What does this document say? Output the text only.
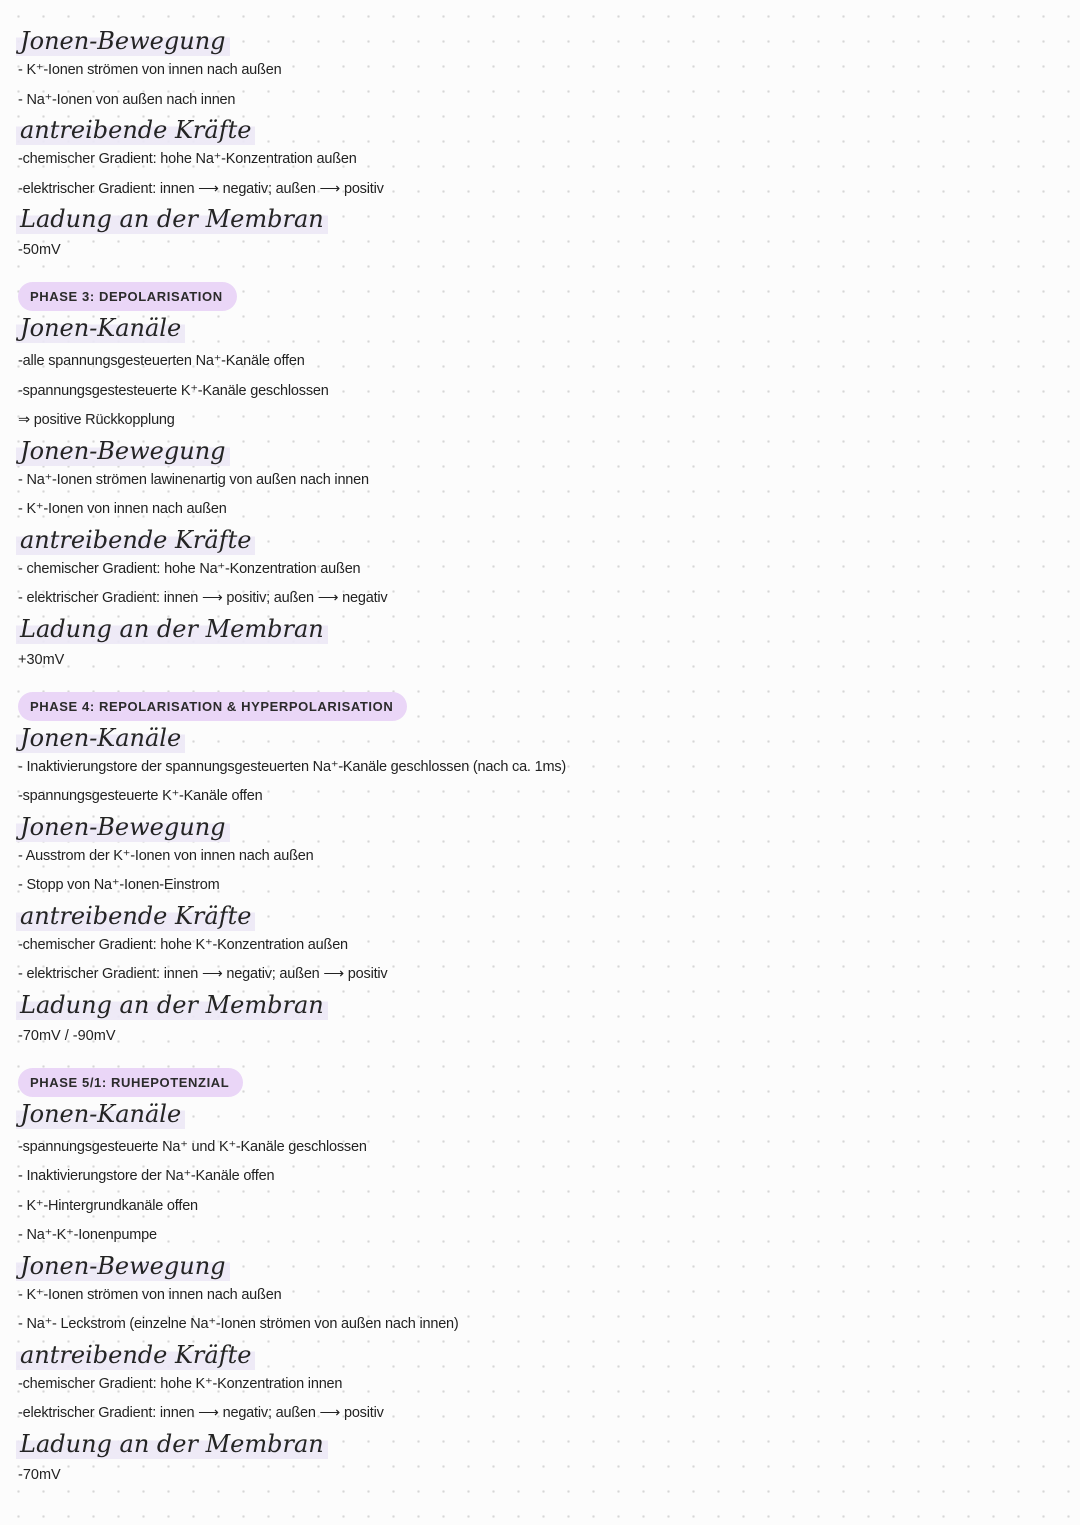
Jonen-Bewegung
- K⁺-Ionen strömen von innen nach außen
- Na⁺-Ionen von außen nach innen
antreibende Kräfte
-chemischer Gradient: hohe Na⁺-Konzentration außen
-elektrischer Gradient: innen ⟶ negativ; außen ⟶ positiv
Ladung an der Membran
-50mV
PHASE 3: DEPOLARISATION
Jonen-Kanäle
-alle spannungsgesteuerten Na⁺-Kanäle offen
-spannungsgestesteuerte K⁺-Kanäle geschlossen
⇒ positive Rückkopplung
Jonen-Bewegung
- Na⁺-Ionen strömen lawinenartig von außen nach innen
- K⁺-Ionen von innen nach außen
antreibende Kräfte
- chemischer Gradient: hohe Na⁺-Konzentration außen
- elektrischer Gradient: innen ⟶ positiv; außen ⟶ negativ
Ladung an der Membran
+30mV
PHASE 4: REPOLARISATION & HYPERPOLARISATION
Jonen-Kanäle
- Inaktivierungstore der spannungsgesteuerten Na⁺-Kanäle geschlossen (nach ca. 1ms)
-spannungsgesteuerte K⁺-Kanäle offen
Jonen-Bewegung
- Ausstrom der K⁺-Ionen von innen nach außen
- Stopp von Na⁺-Ionen-Einstrom
antreibende Kräfte
-chemischer Gradient: hohe K⁺-Konzentration außen
- elektrischer Gradient: innen ⟶ negativ; außen ⟶ positiv
Ladung an der Membran
-70mV / -90mV
PHASE 5/1: RUHEPOTENZIAL
Jonen-Kanäle
-spannungsgesteuerte Na⁺ und K⁺-Kanäle geschlossen
- Inaktivierungstore der Na⁺-Kanäle offen
- K⁺-Hintergrundkanäle offen
- Na⁺-K⁺-Ionenpumpe
Jonen-Bewegung
- K⁺-Ionen strömen von innen nach außen
- Na⁺- Leckstrom (einzelne Na⁺-Ionen strömen von außen nach innen)
antreibende Kräfte
-chemischer Gradient: hohe K⁺-Konzentration innen
-elektrischer Gradient: innen ⟶ negativ; außen ⟶ positiv
Ladung an der Membran
-70mV
